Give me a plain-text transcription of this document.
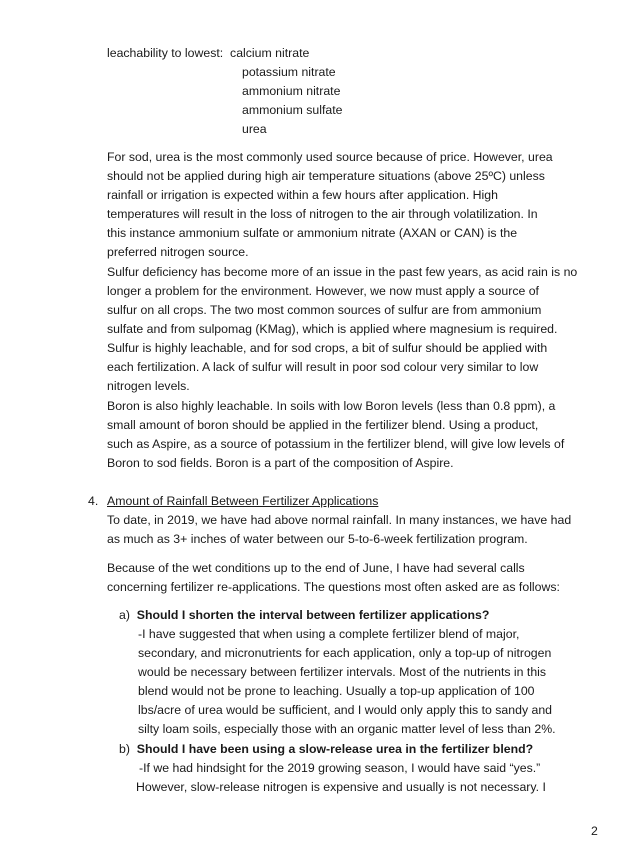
leachability to lowest: calcium nitrate
potassium nitrate
ammonium nitrate
ammonium sulfate
urea
For sod, urea is the most commonly used source because of price. However, urea
should not be applied during high air temperature situations (above 25ºC) unless
rainfall or irrigation is expected within a few hours after application. High
temperatures will result in the loss of nitrogen to the air through volatilization. In
this instance ammonium sulfate or ammonium nitrate (AXAN or CAN) is the
preferred nitrogen source.
Sulfur deficiency has become more of an issue in the past few years, as acid rain is no
longer a problem for the environment. However, we now must apply a source of
sulfur on all crops. The two most common sources of sulfur are from ammonium
sulfate and from sulpomag (KMag), which is applied where magnesium is required.
Sulfur is highly leachable, and for sod crops, a bit of sulfur should be applied with
each fertilization. A lack of sulfur will result in poor sod colour very similar to low
nitrogen levels.
Boron is also highly leachable. In soils with low Boron levels (less than 0.8 ppm), a
small amount of boron should be applied in the fertilizer blend. Using a product,
such as Aspire, as a source of potassium in the fertilizer blend, will give low levels of
Boron to sod fields. Boron is a part of the composition of Aspire.
4. Amount of Rainfall Between Fertilizer Applications
To date, in 2019, we have had above normal rainfall. In many instances, we have had
as much as 3+ inches of water between our 5-to-6-week fertilization program.
Because of the wet conditions up to the end of June, I have had several calls
concerning fertilizer re-applications. The questions most often asked are as follows:
a) Should I shorten the interval between fertilizer applications?
-I have suggested that when using a complete fertilizer blend of major,
secondary, and micronutrients for each application, only a top-up of nitrogen
would be necessary between fertilizer intervals. Most of the nutrients in this
blend would not be prone to leaching. Usually a top-up application of 100
lbs/acre of urea would be sufficient, and I would only apply this to sandy and
silty loam soils, especially those with an organic matter level of less than 2%.
b) Should I have been using a slow-release urea in the fertilizer blend?
-If we had hindsight for the 2019 growing season, I would have said “yes.”
However, slow-release nitrogen is expensive and usually is not necessary. I
2
